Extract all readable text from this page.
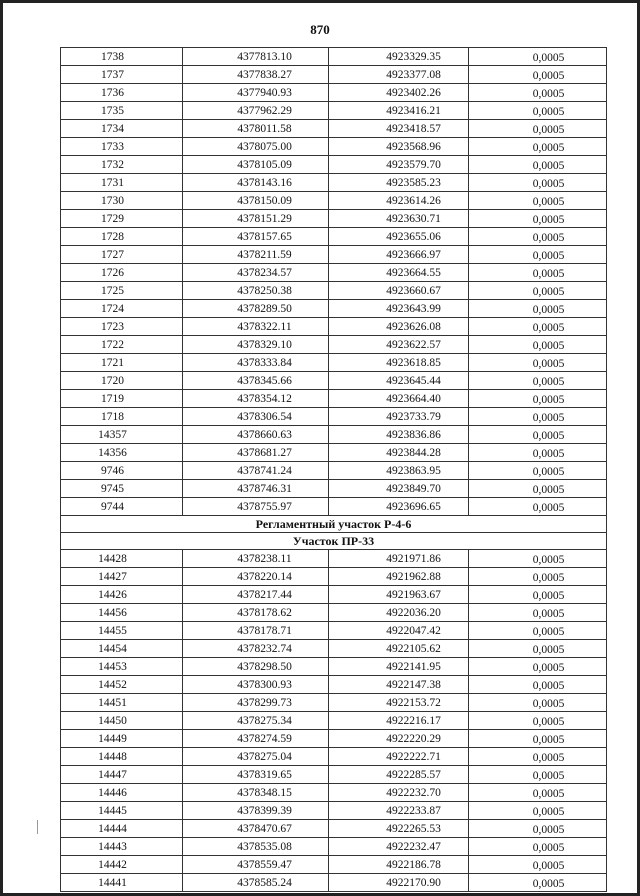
870
1738	4377813.10	4923329.35	0,0005
1737	4377838.27	4923377.08	0,0005
1736	4377940.93	4923402.26	0,0005
1735	4377962.29	4923416.21	0,0005
1734	4378011.58	4923418.57	0,0005
1733	4378075.00	4923568.96	0,0005
1732	4378105.09	4923579.70	0,0005
1731	4378143.16	4923585.23	0,0005
1730	4378150.09	4923614.26	0,0005
1729	4378151.29	4923630.71	0,0005
1728	4378157.65	4923655.06	0,0005
1727	4378211.59	4923666.97	0,0005
1726	4378234.57	4923664.55	0,0005
1725	4378250.38	4923660.67	0,0005
1724	4378289.50	4923643.99	0,0005
1723	4378322.11	4923626.08	0,0005
1722	4378329.10	4923622.57	0,0005
1721	4378333.84	4923618.85	0,0005
1720	4378345.66	4923645.44	0,0005
1719	4378354.12	4923664.40	0,0005
1718	4378306.54	4923733.79	0,0005
14357	4378660.63	4923836.86	0,0005
14356	4378681.27	4923844.28	0,0005
9746	4378741.24	4923863.95	0,0005
9745	4378746.31	4923849.70	0,0005
9744	4378755.97	4923696.65	0,0005
Регламентный участок Р-4-6			
Участок ПР-33			
14428	4378238.11	4921971.86	0,0005
14427	4378220.14	4921962.88	0,0005
14426	4378217.44	4921963.67	0,0005
14456	4378178.62	4922036.20	0,0005
14455	4378178.71	4922047.42	0,0005
14454	4378232.74	4922105.62	0,0005
14453	4378298.50	4922141.95	0,0005
14452	4378300.93	4922147.38	0,0005
14451	4378299.73	4922153.72	0,0005
14450	4378275.34	4922216.17	0,0005
14449	4378274.59	4922220.29	0,0005
14448	4378275.04	4922222.71	0,0005
14447	4378319.65	4922285.57	0,0005
14446	4378348.15	4922232.70	0,0005
14445	4378399.39	4922233.87	0,0005
14444	4378470.67	4922265.53	0,0005
14443	4378535.08	4922232.47	0,0005
14442	4378559.47	4922186.78	0,0005
14441	4378585.24	4922170.90	0,0005
